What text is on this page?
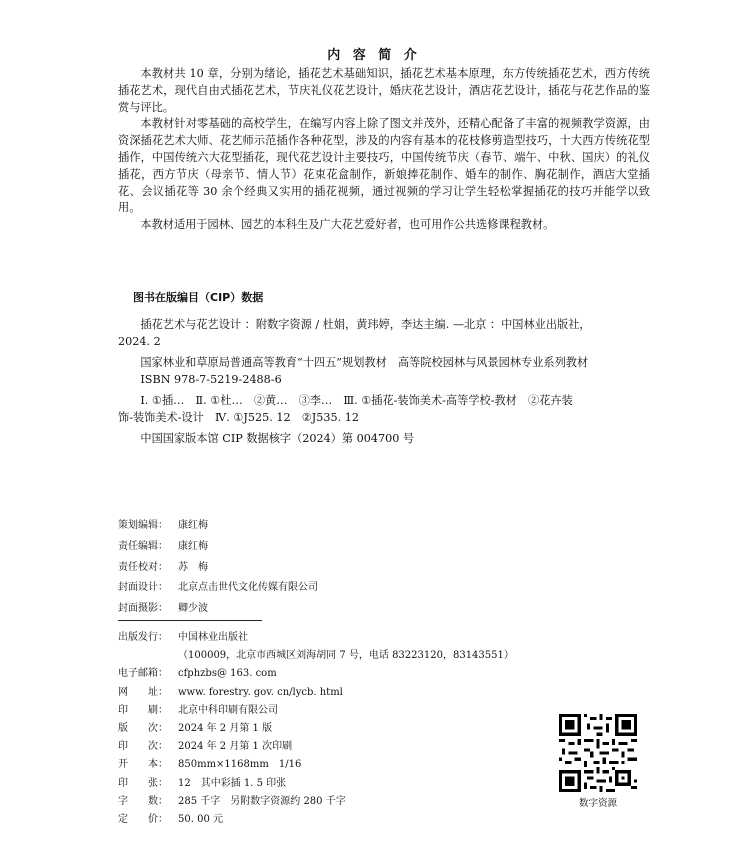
内 容 简 介

本教材共 10 章，分别为绪论，插花艺术基础知识，插花艺术基本原理，东方传统插花艺术，西方传统插花艺术，现代自由式插花艺术，节庆礼仪花艺设计，婚庆花艺设计，酒店花艺设计，插花与花艺作品的鉴赏与评比。

本教材针对零基础的高校学生，在编写内容上除了图文并茂外，还精心配备了丰富的视频教学资源，由资深插花艺术大师、花艺师示范插作各种花型，涉及的内容有基本的花枝修剪造型技巧，十大西方传统花型插作，中国传统六大花型插花，现代花艺设计主要技巧，中国传统节庆（春节、端午、中秋、国庆）的礼仪插花，西方节庆（母亲节、情人节）花束花盒制作，新娘捧花制作、婚车的制作、胸花制作，酒店大堂插花、会议插花等 30 余个经典又实用的插花视频，通过视频的学习让学生轻松掌握插花的技巧并能学以致用。

本教材适用于园林、园艺的本科生及广大花艺爱好者，也可用作公共选修课程教材。

图书在版编目（CIP）数据

插花艺术与花艺设计 ：附数字资源 / 杜娟，黄玮婷，李达主编. —北京 ：中国林业出版社，

2024. 2

国家林业和草原局普通高等教育“十四五”规划教材　高等院校园林与风景园林专业系列教材

ISBN 978-7-5219-2488-6

Ⅰ. ①插…　Ⅱ. ①杜…　②黄…　③李…　Ⅲ. ①插花-装饰美术-高等学校-教材　②花卉装

饰-装饰美术-设计　Ⅳ. ①J525. 12　②J535. 12

中国国家版本馆 CIP 数据核字（2024）第 004700 号

策划编辑：	康红梅
责任编辑：	康红梅
责任校对：	苏　梅
封面设计：	北京点击世代文化传媒有限公司
封面摄影：	卿少波
出版发行：	中国林业出版社
（100009，北京市西城区刘海胡同 7 号，电话 83223120，83143551）
电子邮箱：	cfphzbs@ 163. com
网　　址：	www. forestry. gov. cn/lycb. html
印　　刷：	北京中科印刷有限公司
版　　次：	2024 年 2 月第 1 版
印　　次：	2024 年 2 月第 1 次印刷
开　　本：	850mm×1168mm　1/16
印　　张：	12　其中彩插 1. 5 印张
字　　数：	285 千字　另附数字资源约 280 千字
定　　价：	50. 00 元
数字资源
